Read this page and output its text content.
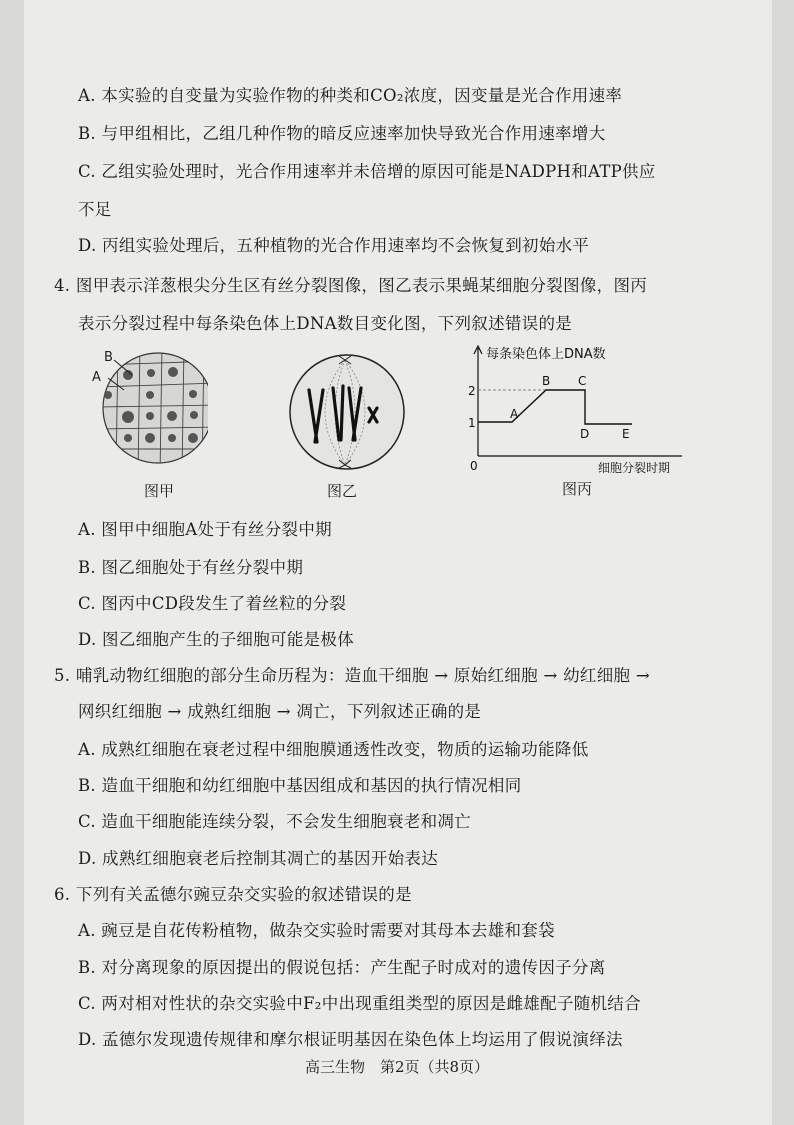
A. 本实验的自变量为实验作物的种类和CO₂浓度，因变量是光合作用速率
B. 与甲组相比，乙组几种作物的暗反应速率加快导致光合作用速率增大
C. 乙组实验处理时，光合作用速率并未倍增的原因可能是NADPH和ATP供应
不足
D. 丙组实验处理后，五种植物的光合作用速率均不会恢复到初始水平
4. 图甲表示洋葱根尖分生区有丝分裂图像，图乙表示果蝇某细胞分裂图像，图丙
表示分裂过程中每条染色体上DNA数目变化图，下列叙述错误的是
B
A
图甲	图乙
每条染色体上DNA数
2
1
0
A
B C
D	E
细胞分裂时期
图丙
A. 图甲中细胞A处于有丝分裂中期
B. 图乙细胞处于有丝分裂中期
C. 图丙中CD段发生了着丝粒的分裂
D. 图乙细胞产生的子细胞可能是极体
5. 哺乳动物红细胞的部分生命历程为：造血干细胞 → 原始红细胞 → 幼红细胞 →
网织红细胞 → 成熟红细胞 → 凋亡，下列叙述正确的是
A. 成熟红细胞在衰老过程中细胞膜通透性改变，物质的运输功能降低
B. 造血干细胞和幼红细胞中基因组成和基因的执行情况相同
C. 造血干细胞能连续分裂，不会发生细胞衰老和凋亡
D. 成熟红细胞衰老后控制其凋亡的基因开始表达
6. 下列有关孟德尔豌豆杂交实验的叙述错误的是
A. 豌豆是自花传粉植物，做杂交实验时需要对其母本去雄和套袋
B. 对分离现象的原因提出的假说包括：产生配子时成对的遗传因子分离
C. 两对相对性状的杂交实验中F₂中出现重组类型的原因是雌雄配子随机结合
D. 孟德尔发现遗传规律和摩尔根证明基因在染色体上均运用了假说演绎法
高三生物　第2页（共8页）
